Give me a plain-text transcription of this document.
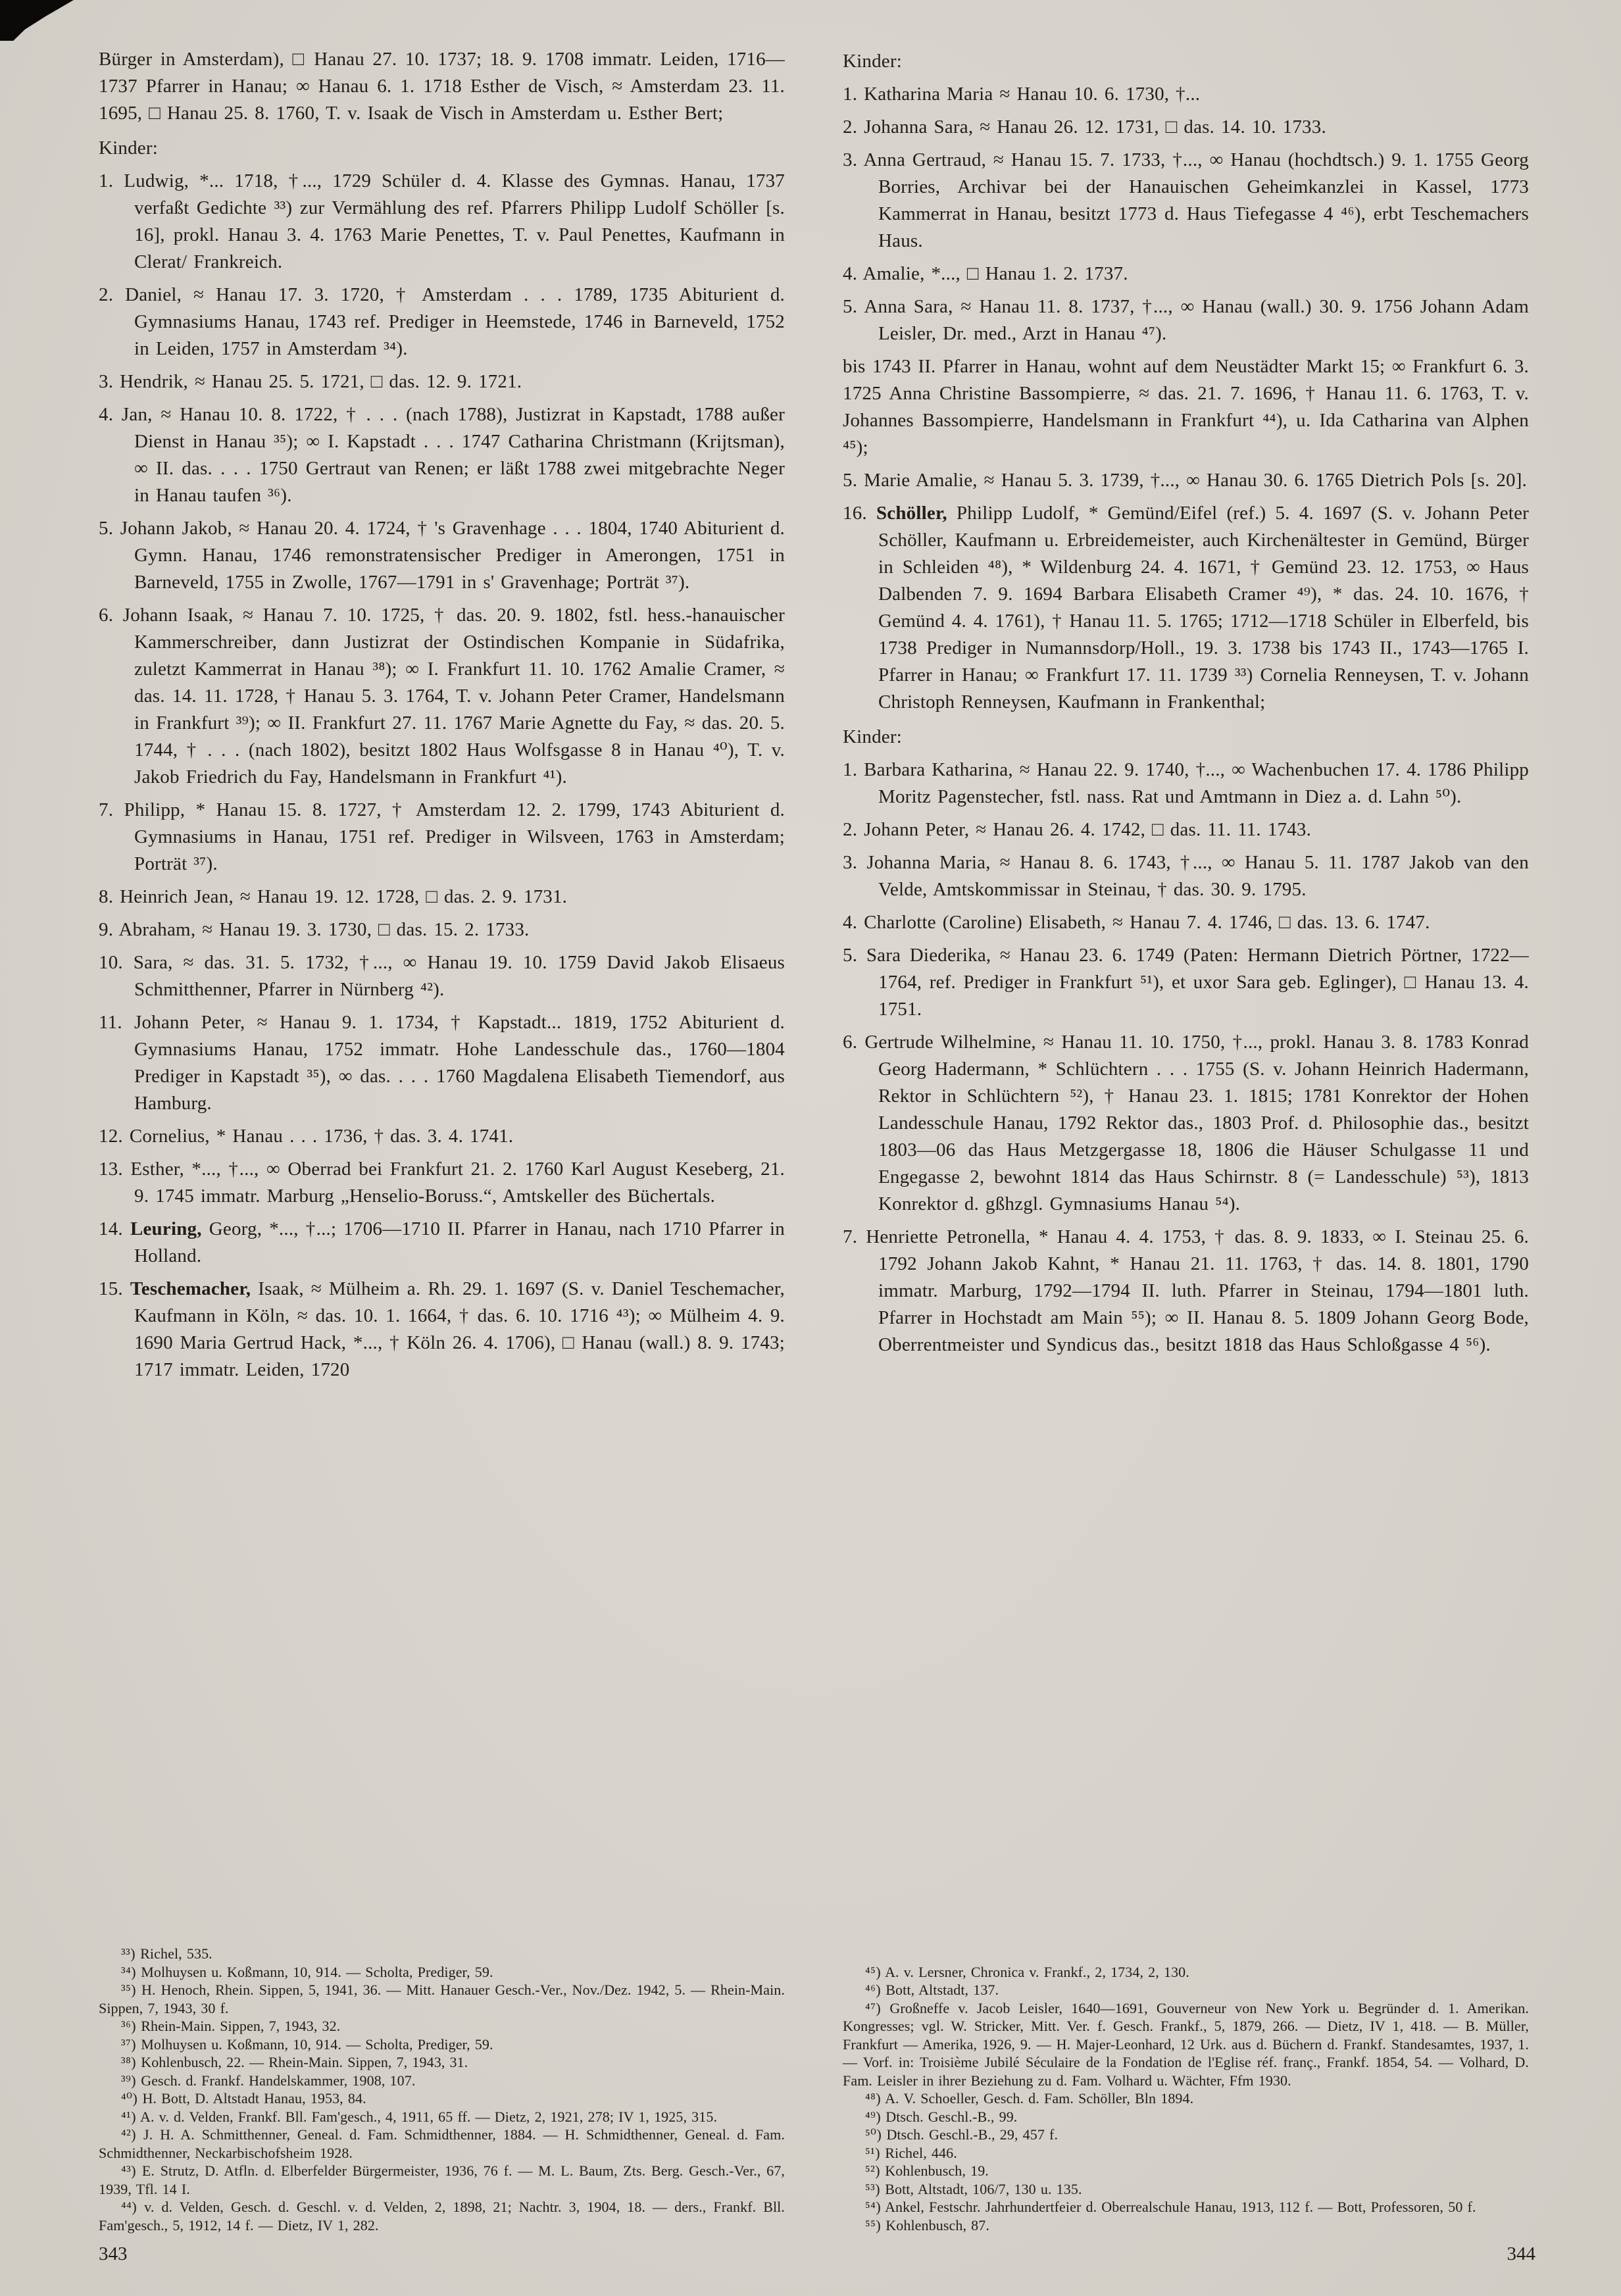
Bürger in Amsterdam), □ Hanau 27. 10. 1737; 18. 9. 1708 immatr. Leiden, 1716—1737 Pfarrer in Hanau; ∞ Hanau 6. 1. 1718 Esther de Visch, ≈ Amsterdam 23. 11. 1695, □ Hanau 25. 8. 1760, T. v. Isaak de Visch in Amsterdam u. Esther Bert;

Kinder:

1. Ludwig, *... 1718, †..., 1729 Schüler d. 4. Klasse des Gymnas. Hanau, 1737 verfaßt Gedichte ³³) zur Vermählung des ref. Pfarrers Philipp Ludolf Schöller [s. 16], prokl. Hanau 3. 4. 1763 Marie Penettes, T. v. Paul Penettes, Kaufmann in Clerat/ Frankreich.
2. Daniel, ≈ Hanau 17. 3. 1720, † Amsterdam . . . 1789, 1735 Abiturient d. Gymnasiums Hanau, 1743 ref. Prediger in Heemstede, 1746 in Barneveld, 1752 in Leiden, 1757 in Amsterdam ³⁴).
3. Hendrik, ≈ Hanau 25. 5. 1721, □ das. 12. 9. 1721.
4. Jan, ≈ Hanau 10. 8. 1722, † . . . (nach 1788), Justizrat in Kapstadt, 1788 außer Dienst in Hanau ³⁵); ∞ I. Kapstadt . . . 1747 Catharina Christmann (Krijtsman), ∞ II. das. . . . 1750 Gertraut van Renen; er läßt 1788 zwei mitgebrachte Neger in Hanau taufen ³⁶).
5. Johann Jakob, ≈ Hanau 20. 4. 1724, † 's Gravenhage . . . 1804, 1740 Abiturient d. Gymn. Hanau, 1746 remonstratensischer Prediger in Amerongen, 1751 in Barneveld, 1755 in Zwolle, 1767—1791 in s' Gravenhage; Porträt ³⁷).
6. Johann Isaak, ≈ Hanau 7. 10. 1725, † das. 20. 9. 1802, fstl. hess.-hanauischer Kammerschreiber, dann Justizrat der Ostindischen Kompanie in Südafrika, zuletzt Kammerrat in Hanau ³⁸); ∞ I. Frankfurt 11. 10. 1762 Amalie Cramer, ≈ das. 14. 11. 1728, † Hanau 5. 3. 1764, T. v. Johann Peter Cramer, Handelsmann in Frankfurt ³⁹); ∞ II. Frankfurt 27. 11. 1767 Marie Agnette du Fay, ≈ das. 20. 5. 1744, † . . . (nach 1802), besitzt 1802 Haus Wolfsgasse 8 in Hanau ⁴⁰), T. v. Jakob Friedrich du Fay, Handelsmann in Frankfurt ⁴¹).
7. Philipp, * Hanau 15. 8. 1727, † Amsterdam 12. 2. 1799, 1743 Abiturient d. Gymnasiums in Hanau, 1751 ref. Prediger in Wilsveen, 1763 in Amsterdam; Porträt ³⁷).
8. Heinrich Jean, ≈ Hanau 19. 12. 1728, □ das. 2. 9. 1731.
9. Abraham, ≈ Hanau 19. 3. 1730, □ das. 15. 2. 1733.
10. Sara, ≈ das. 31. 5. 1732, †..., ∞ Hanau 19. 10. 1759 David Jakob Elisaeus Schmitthenner, Pfarrer in Nürnberg ⁴²).
11. Johann Peter, ≈ Hanau 9. 1. 1734, † Kapstadt... 1819, 1752 Abiturient d. Gymnasiums Hanau, 1752 immatr. Hohe Landesschule das., 1760—1804 Prediger in Kapstadt ³⁵), ∞ das. . . . 1760 Magdalena Elisabeth Tiemendorf, aus Hamburg.
12. Cornelius, * Hanau . . . 1736, † das. 3. 4. 1741.
13. Esther, *..., †..., ∞ Oberrad bei Frankfurt 21. 2. 1760 Karl August Keseberg, 21. 9. 1745 immatr. Marburg „Henselio-Boruss.“, Amtskeller des Büchertals.
14. Leuring, Georg, *..., †...; 1706—1710 II. Pfarrer in Hanau, nach 1710 Pfarrer in Holland.
15. Teschemacher, Isaak, ≈ Mülheim a. Rh. 29. 1. 1697 (S. v. Daniel Teschemacher, Kaufmann in Köln, ≈ das. 10. 1. 1664, † das. 6. 10. 1716 ⁴³); ∞ Mülheim 4. 9. 1690 Maria Gertrud Hack, *..., † Köln 26. 4. 1706), □ Hanau (wall.) 8. 9. 1743; 1717 immatr. Leiden, 1720

³³) Richel, 535.

³⁴) Molhuysen u. Koßmann, 10, 914. — Scholta, Prediger, 59.

³⁵) H. Henoch, Rhein. Sippen, 5, 1941, 36. — Mitt. Hanauer Gesch.-Ver., Nov./Dez. 1942, 5. — Rhein-Main. Sippen, 7, 1943, 30 f.

³⁶) Rhein-Main. Sippen, 7, 1943, 32.

³⁷) Molhuysen u. Koßmann, 10, 914. — Scholta, Prediger, 59.

³⁸) Kohlenbusch, 22. — Rhein-Main. Sippen, 7, 1943, 31.

³⁹) Gesch. d. Frankf. Handelskammer, 1908, 107.

⁴⁰) H. Bott, D. Altstadt Hanau, 1953, 84.

⁴¹) A. v. d. Velden, Frankf. Bll. Fam'gesch., 4, 1911, 65 ff. — Dietz, 2, 1921, 278; IV 1, 1925, 315.

⁴²) J. H. A. Schmitthenner, Geneal. d. Fam. Schmidthenner, 1884. — H. Schmidthenner, Geneal. d. Fam. Schmidthenner, Neckarbischofsheim 1928.

⁴³) E. Strutz, D. Atfln. d. Elberfelder Bürgermeister, 1936, 76 f. — M. L. Baum, Zts. Berg. Gesch.-Ver., 67, 1939, Tfl. 14 I.

⁴⁴) v. d. Velden, Gesch. d. Geschl. v. d. Velden, 2, 1898, 21; Nachtr. 3, 1904, 18. — ders., Frankf. Bll. Fam'gesch., 5, 1912, 14 f. — Dietz, IV 1, 282.

Kinder:

1. Katharina Maria ≈ Hanau 10. 6. 1730, †...
2. Johanna Sara, ≈ Hanau 26. 12. 1731, □ das. 14. 10. 1733.
3. Anna Gertraud, ≈ Hanau 15. 7. 1733, †..., ∞ Hanau (hochdtsch.) 9. 1. 1755 Georg Borries, Archivar bei der Hanauischen Geheimkanzlei in Kassel, 1773 Kammerrat in Hanau, besitzt 1773 d. Haus Tiefegasse 4 ⁴⁶), erbt Teschemachers Haus.
4. Amalie, *..., □ Hanau 1. 2. 1737.
5. Anna Sara, ≈ Hanau 11. 8. 1737, †..., ∞ Hanau (wall.) 30. 9. 1756 Johann Adam Leisler, Dr. med., Arzt in Hanau ⁴⁷).

bis 1743 II. Pfarrer in Hanau, wohnt auf dem Neustädter Markt 15; ∞ Frankfurt 6. 3. 1725 Anna Christine Bassompierre, ≈ das. 21. 7. 1696, † Hanau 11. 6. 1763, T. v. Johannes Bassompierre, Handelsmann in Frankfurt ⁴⁴), u. Ida Catharina van Alphen ⁴⁵);

5. Marie Amalie, ≈ Hanau 5. 3. 1739, †..., ∞ Hanau 30. 6. 1765 Dietrich Pols [s. 20].
16. Schöller, Philipp Ludolf, * Gemünd/Eifel (ref.) 5. 4. 1697 (S. v. Johann Peter Schöller, Kaufmann u. Erbreidemeister, auch Kirchenältester in Gemünd, Bürger in Schleiden ⁴⁸), * Wildenburg 24. 4. 1671, † Gemünd 23. 12. 1753, ∞ Haus Dalbenden 7. 9. 1694 Barbara Elisabeth Cramer ⁴⁹), * das. 24. 10. 1676, † Gemünd 4. 4. 1761), † Hanau 11. 5. 1765; 1712—1718 Schüler in Elberfeld, bis 1738 Prediger in Numannsdorp/Holl., 19. 3. 1738 bis 1743 II., 1743—1765 I. Pfarrer in Hanau; ∞ Frankfurt 17. 11. 1739 ³³) Cornelia Renneysen, T. v. Johann Christoph Renneysen, Kaufmann in Frankenthal;

Kinder:

1. Barbara Katharina, ≈ Hanau 22. 9. 1740, †..., ∞ Wachenbuchen 17. 4. 1786 Philipp Moritz Pagenstecher, fstl. nass. Rat und Amtmann in Diez a. d. Lahn ⁵⁰).
2. Johann Peter, ≈ Hanau 26. 4. 1742, □ das. 11. 11. 1743.
3. Johanna Maria, ≈ Hanau 8. 6. 1743, †..., ∞ Hanau 5. 11. 1787 Jakob van den Velde, Amtskommissar in Steinau, † das. 30. 9. 1795.
4. Charlotte (Caroline) Elisabeth, ≈ Hanau 7. 4. 1746, □ das. 13. 6. 1747.
5. Sara Diederika, ≈ Hanau 23. 6. 1749 (Paten: Hermann Dietrich Pörtner, 1722—1764, ref. Prediger in Frankfurt ⁵¹), et uxor Sara geb. Eglinger), □ Hanau 13. 4. 1751.
6. Gertrude Wilhelmine, ≈ Hanau 11. 10. 1750, †..., prokl. Hanau 3. 8. 1783 Konrad Georg Hadermann, * Schlüchtern . . . 1755 (S. v. Johann Heinrich Hadermann, Rektor in Schlüchtern ⁵²), † Hanau 23. 1. 1815; 1781 Konrektor der Hohen Landesschule Hanau, 1792 Rektor das., 1803 Prof. d. Philosophie das., besitzt 1803—06 das Haus Metzgergasse 18, 1806 die Häuser Schulgasse 11 und Engegasse 2, bewohnt 1814 das Haus Schirnstr. 8 (= Landesschule) ⁵³), 1813 Konrektor d. gßhzgl. Gymnasiums Hanau ⁵⁴).
7. Henriette Petronella, * Hanau 4. 4. 1753, † das. 8. 9. 1833, ∞ I. Steinau 25. 6. 1792 Johann Jakob Kahnt, * Hanau 21. 11. 1763, † das. 14. 8. 1801, 1790 immatr. Marburg, 1792—1794 II. luth. Pfarrer in Steinau, 1794—1801 luth. Pfarrer in Hochstadt am Main ⁵⁵); ∞ II. Hanau 8. 5. 1809 Johann Georg Bode, Oberrentmeister und Syndicus das., besitzt 1818 das Haus Schloßgasse 4 ⁵⁶).

⁴⁵) A. v. Lersner, Chronica v. Frankf., 2, 1734, 2, 130.

⁴⁶) Bott, Altstadt, 137.

⁴⁷) Großneffe v. Jacob Leisler, 1640—1691, Gouverneur von New York u. Begründer d. 1. Amerikan. Kongresses; vgl. W. Stricker, Mitt. Ver. f. Gesch. Frankf., 5, 1879, 266. — Dietz, IV 1, 418. — B. Müller, Frankfurt — Amerika, 1926, 9. — H. Majer-Leonhard, 12 Urk. aus d. Büchern d. Frankf. Standesamtes, 1937, 1. — Vorf. in: Troisième Jubilé Séculaire de la Fondation de l'Eglise réf. franç., Frankf. 1854, 54. — Volhard, D. Fam. Leisler in ihrer Beziehung zu d. Fam. Volhard u. Wächter, Ffm 1930.

⁴⁸) A. V. Schoeller, Gesch. d. Fam. Schöller, Bln 1894.

⁴⁹) Dtsch. Geschl.-B., 99.

⁵⁰) Dtsch. Geschl.-B., 29, 457 f.

⁵¹) Richel, 446.

⁵²) Kohlenbusch, 19.

⁵³) Bott, Altstadt, 106/7, 130 u. 135.

⁵⁴) Ankel, Festschr. Jahrhundertfeier d. Oberrealschule Hanau, 1913, 112 f. — Bott, Professoren, 50 f.

⁵⁵) Kohlenbusch, 87.

343	344
